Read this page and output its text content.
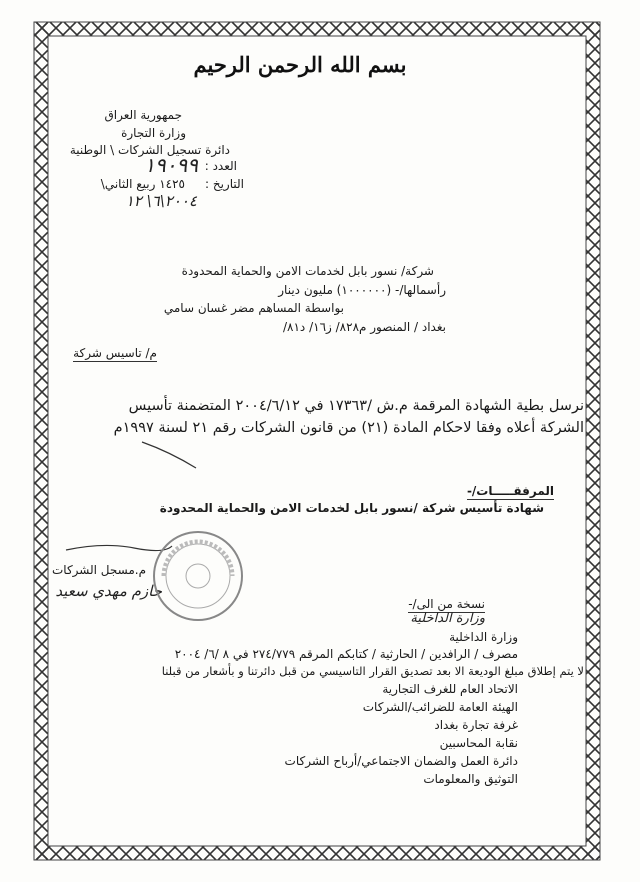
بسم الله الرحمن الرحيم
جمهورية العراق
وزارة التجارة
دائرة تسجيل الشركات \ الوطنية
العدد :
١٩٠٩٩
التاريخ :
١٤٢٥ ربيع الثاني\
٢٠٠٤\٦\ ١٢
شركة/ نسور بابل لخدمات الامن والحماية المحدودة
رأسمالها/- (١٠٠٠٠٠٠) مليون دينار
بواسطة المساهم مضر غسان سامي
بغداد / المنصور م٨٢٨/ ز١٦/ د٨١/
م/ تاسيس شركة
نرسل بطية الشهادة المرقمة م.ش /١٧٣٦٣ في ٢٠٠٤/٦/١٢ المتضمنة تأسيس
الشركة أعلاه وفقا لاحكام المادة (٢١) من قانون الشركات رقم ٢١ لسنة ١٩٩٧م
المرفقـــــات/-
شهادة تأسيس شركة /نسور بابل لخدمات الامن والحماية المحدودة
م.مسجل الشركات
حازم مهدي سعيد
نسخة من الى/-
وزارة الداخلية
وزارة الداخلية
مصرف / الرافدين / الحارثية / كتابكم المرقم ٢٧٤/٧٧٩ في ٨ /٦/ ٢٠٠٤
لا يتم إطلاق مبلغ الوديعة الا بعد تصديق القرار التاسيسي من قبل دائرتنا و بأشعار من قبلنا
الاتحاد العام للغرف التجارية
الهيئة العامة للضرائب/الشركات
غرفة تجارة بغداد
نقابة المحاسبين
دائرة العمل والضمان الاجتماعي/أرباح الشركات
التوثيق والمعلومات
